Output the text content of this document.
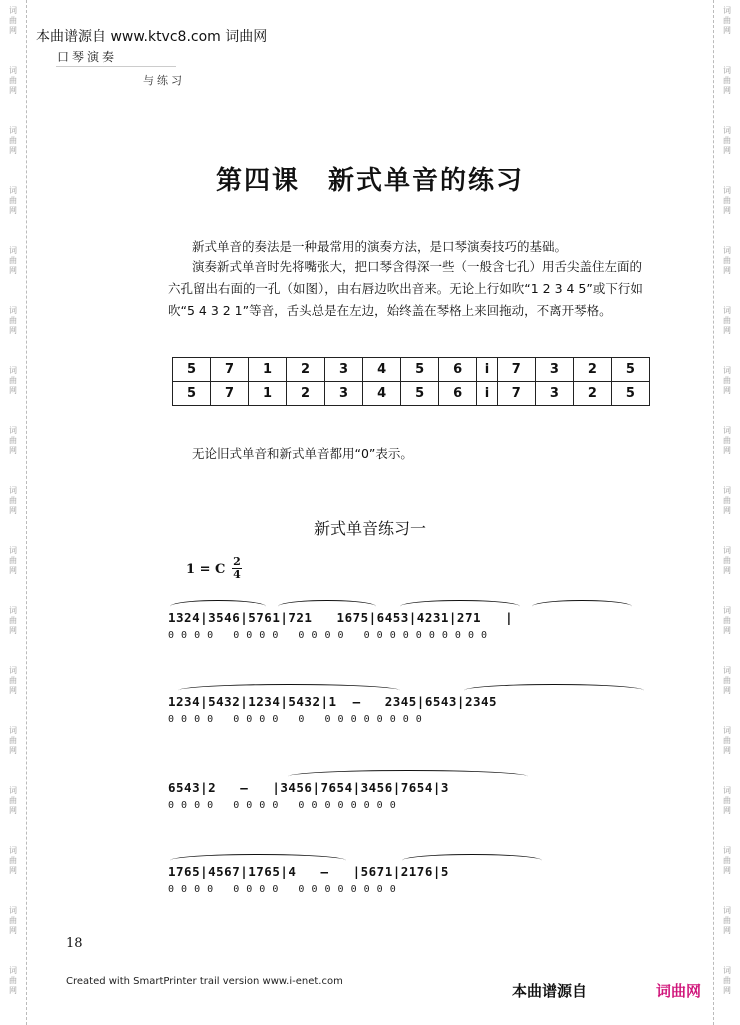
词
曲
网
词
曲
网
词
曲
网
词
曲
网
词
曲
网
词
曲
网
词
曲
网
词
曲
网
词
曲
网
词
曲
网
词
曲
网
词
曲
网
词
曲
网
词
曲
网
词
曲
网
词
曲
网
词
曲
网
词
曲
网
词
曲
网
词
曲
网
词
曲
网
词
曲
网
词
曲
网
词
曲
网
词
曲
网
词
曲
网
词
曲
网
词
曲
网
词
曲
网
词
曲
网
词
曲
网
词
曲
网
词
曲
网
词
曲
网
本曲谱源自 www.ktvc8.com 词曲网
口琴演奏
与练习
第四课　新式单音的练习
新式单音的奏法是一种最常用的演奏方法，是口琴演奏技巧的基础。
演奏新式单音时先将嘴张大，把口琴含得深一些（一般含七孔）用舌尖盖住左面的六孔留出右面的一孔（如图），由右唇边吹出音来。无论上行如吹“1 2 3 4 5”或下行如吹“5 4 3 2 1”等音，舌头总是在左边，始终盖在琴格上来回拖动，不离开琴格。
5	7	1	2	3	4	5	6	i	7	3	2	5
5	7	1	2	3	4	5	6	i	7	3	2	5
无论旧式单音和新式单音都用“0”表示。
新式单音练习一
1 = C
2
4
1324|3546|5761|721   1675|6453|4231|271   |
0 0 0 0   0 0 0 0   0 0 0 0   0 0 0 0 0 0 0 0 0 0
1234|5432|1234|5432|1  –   2345|6543|2345
0 0 0 0   0 0 0 0   0   0 0 0 0 0 0 0 0
6543|2   –   |3456|7654|3456|7654|3
0 0 0 0   0 0 0 0   0 0 0 0 0 0 0 0
1765|4567|1765|4   –   |5671|2176|5
0 0 0 0   0 0 0 0   0 0 0 0 0 0 0 0
18
Created with SmartPrinter trail version www.i-enet.com
本曲谱源自	词曲网
